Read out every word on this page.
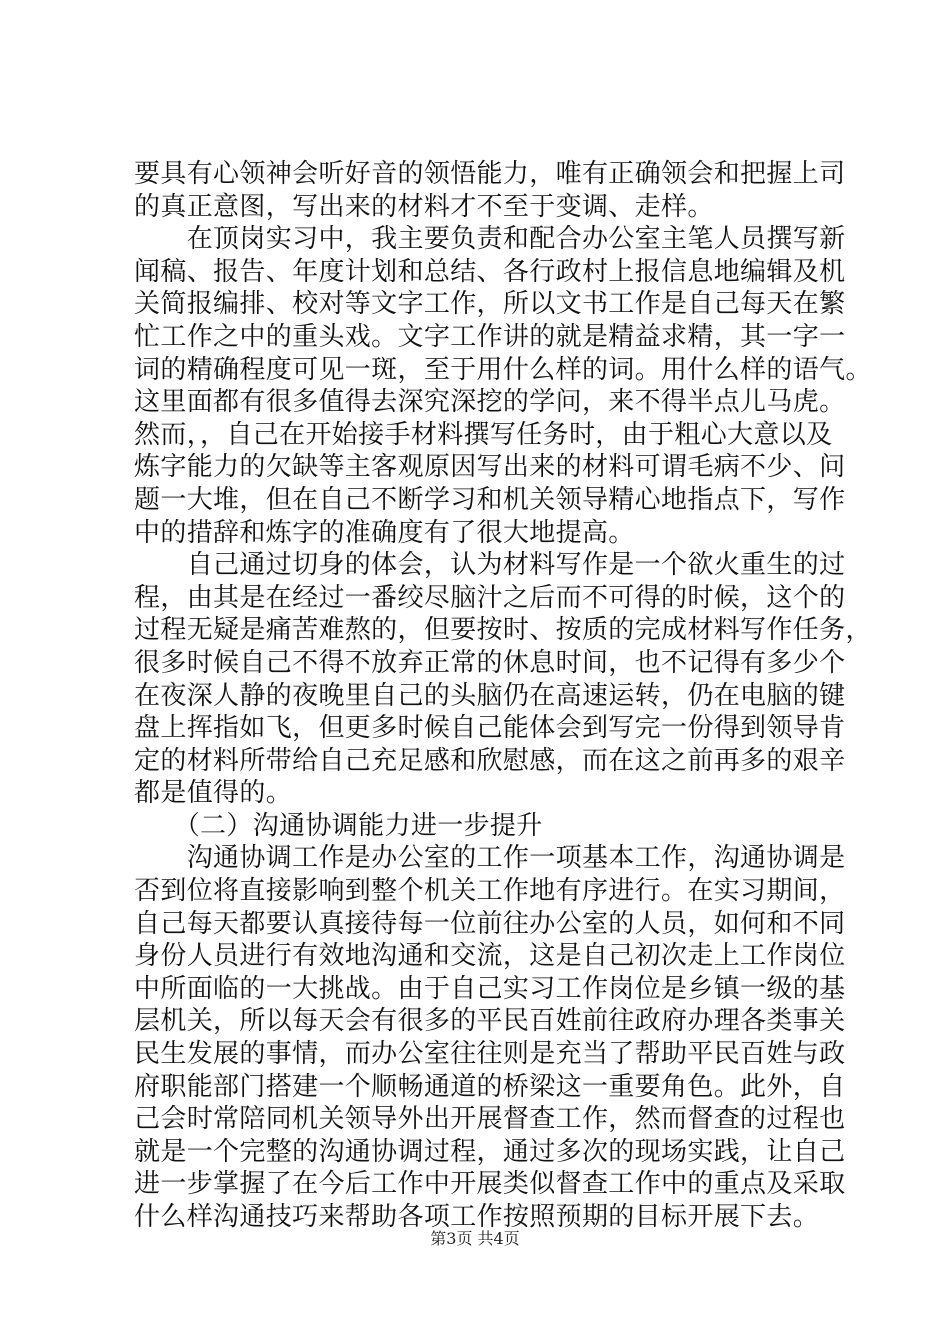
要具有心领神会听好音的领悟能力，唯有正确领会和把握上司
的真正意图，写出来的材料才不至于变调、走样。
　　在顶岗实习中，我主要负责和配合办公室主笔人员撰写新
闻稿、报告、年度计划和总结、各行政村上报信息地编辑及机
关简报编排、校对等文字工作，所以文书工作是自己每天在繁
忙工作之中的重头戏。文字工作讲的就是精益求精，其一字一
词的精确程度可见一斑，至于用什么样的词。用什么样的语气。
这里面都有很多值得去深究深挖的学问，来不得半点儿马虎。
然而，，自己在开始接手材料撰写任务时，由于粗心大意以及
炼字能力的欠缺等主客观原因写出来的材料可谓毛病不少、问
题一大堆，但在自己不断学习和机关领导精心地指点下，写作
中的措辞和炼字的准确度有了很大地提高。
　　自己通过切身的体会，认为材料写作是一个欲火重生的过
程，由其是在经过一番绞尽脑汁之后而不可得的时候，这个的
过程无疑是痛苦难熬的，但要按时、按质的完成材料写作任务，
很多时候自己不得不放弃正常的休息时间，也不记得有多少个
在夜深人静的夜晚里自己的头脑仍在高速运转，仍在电脑的键
盘上挥指如飞，但更多时候自己能体会到写完一份得到领导肯
定的材料所带给自己充足感和欣慰感，而在这之前再多的艰辛
都是值得的。
　　（二）沟通协调能力进一步提升
　　沟通协调工作是办公室的工作一项基本工作，沟通协调是
否到位将直接影响到整个机关工作地有序进行。在实习期间，
自己每天都要认真接待每一位前往办公室的人员，如何和不同
身份人员进行有效地沟通和交流，这是自己初次走上工作岗位
中所面临的一大挑战。由于自己实习工作岗位是乡镇一级的基
层机关，所以每天会有很多的平民百姓前往政府办理各类事关
民生发展的事情，而办公室往往则是充当了帮助平民百姓与政
府职能部门搭建一个顺畅通道的桥梁这一重要角色。此外，自
己会时常陪同机关领导外出开展督查工作，然而督查的过程也
就是一个完整的沟通协调过程，通过多次的现场实践，让自己
进一步掌握了在今后工作中开展类似督查工作中的重点及采取
什么样沟通技巧来帮助各项工作按照预期的目标开展下去。
第3页 共4页
